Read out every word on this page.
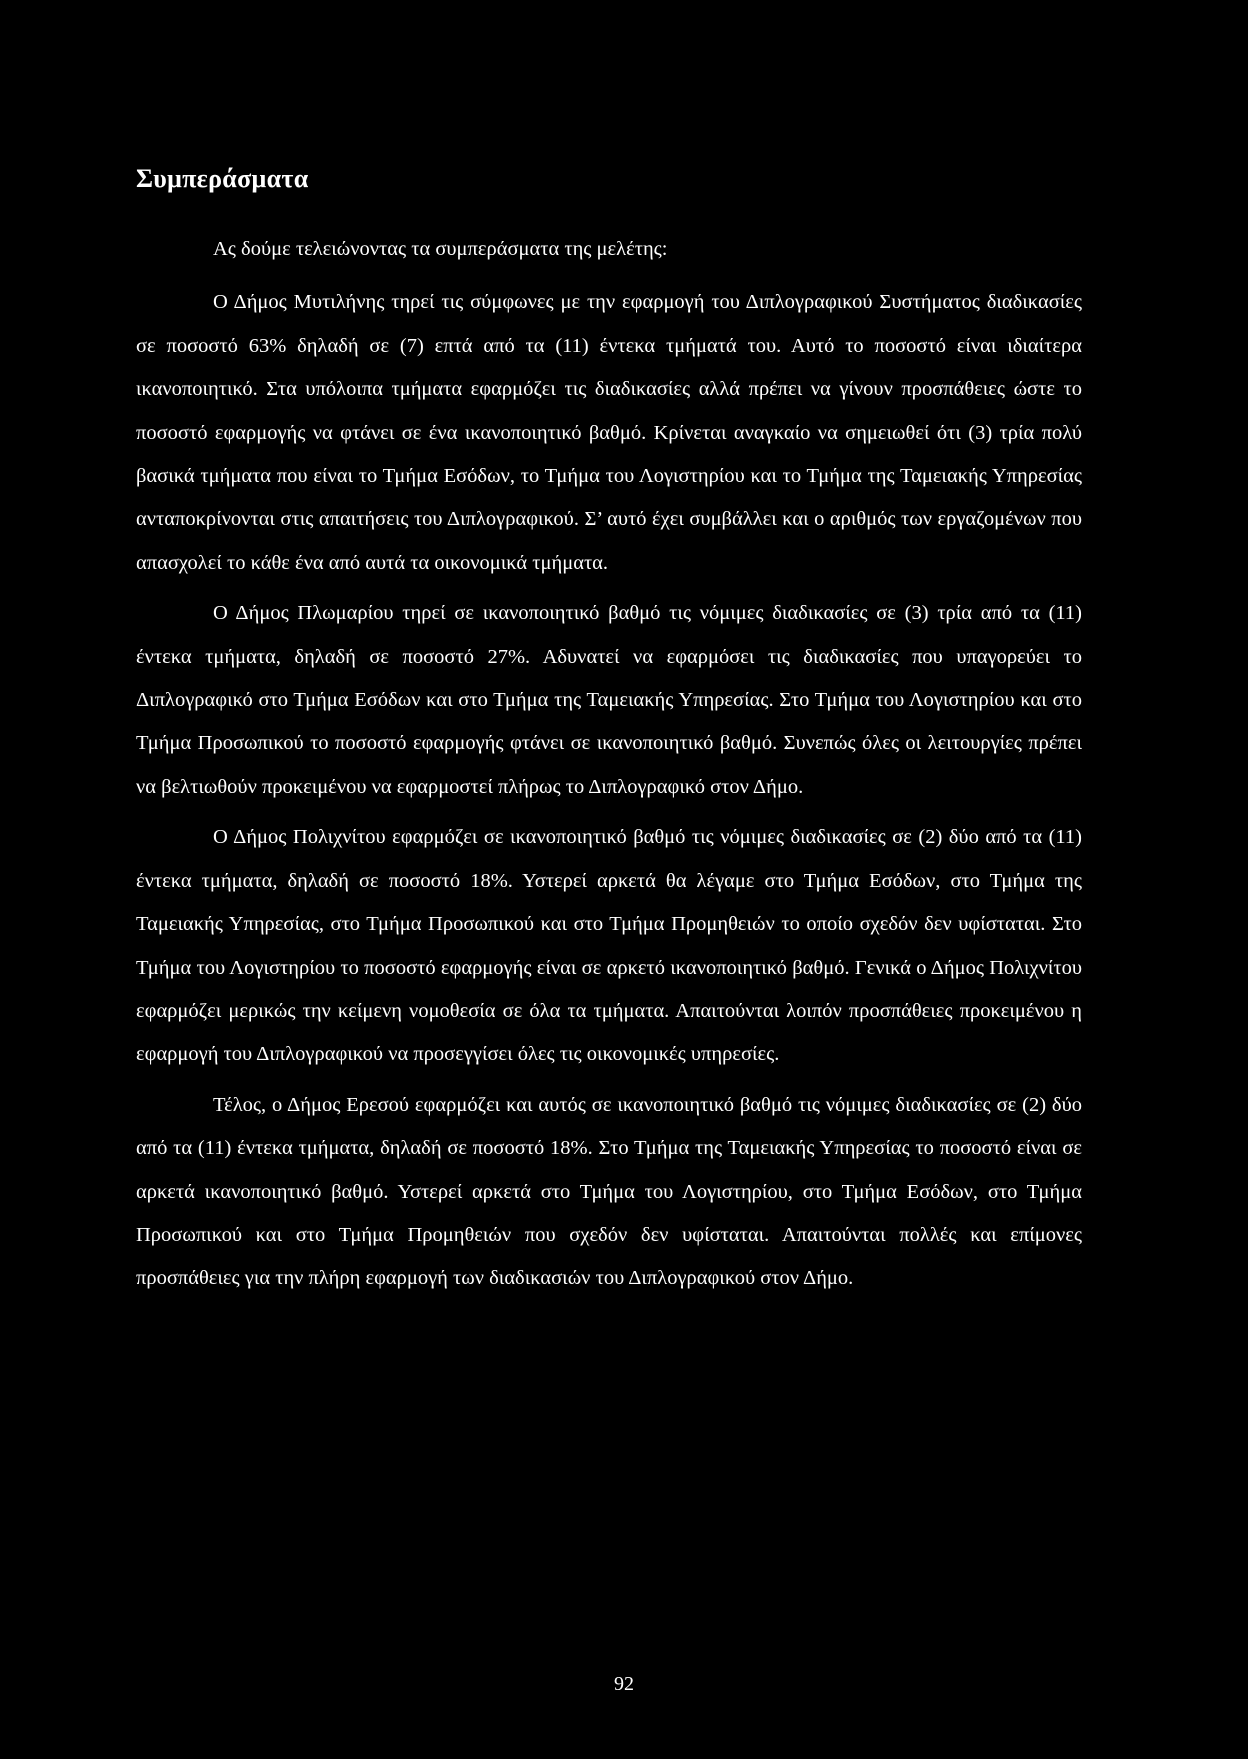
Συμπεράσματα

Ας δούμε τελειώνοντας τα συμπεράσματα της μελέτης:

Ο Δήμος Μυτιλήνης τηρεί τις σύμφωνες με την εφαρμογή του Διπλογραφικού Συστήματος διαδικασίες σε ποσοστό 63% δηλαδή σε (7) επτά από τα (11) έντεκα τμήματά του. Αυτό το ποσοστό είναι ιδιαίτερα ικανοποιητικό. Στα υπόλοιπα τμήματα εφαρμόζει τις διαδικασίες αλλά πρέπει να γίνουν προσπάθειες ώστε το ποσοστό εφαρμογής να φτάνει σε ένα ικανοποιητικό βαθμό. Κρίνεται αναγκαίο να σημειωθεί ότι (3) τρία πολύ βασικά τμήματα που είναι το Τμήμα Εσόδων, το Τμήμα του Λογιστηρίου και το Τμήμα της Ταμειακής Υπηρεσίας ανταποκρίνονται στις απαιτήσεις του Διπλογραφικού. Σ’ αυτό έχει συμβάλλει και ο αριθμός των εργαζομένων που απασχολεί το κάθε ένα από αυτά τα οικονομικά τμήματα.

Ο Δήμος Πλωμαρίου τηρεί σε ικανοποιητικό βαθμό τις νόμιμες διαδικασίες σε (3) τρία από τα (11) έντεκα τμήματα, δηλαδή σε ποσοστό 27%. Αδυνατεί να εφαρμόσει τις διαδικασίες που υπαγορεύει το Διπλογραφικό στο Τμήμα Εσόδων και στο Τμήμα της Ταμειακής Υπηρεσίας. Στο Τμήμα του Λογιστηρίου και στο Τμήμα Προσωπικού το ποσοστό εφαρμογής φτάνει σε ικανοποιητικό βαθμό. Συνεπώς όλες οι λειτουργίες πρέπει να βελτιωθούν προκειμένου να εφαρμοστεί πλήρως το Διπλογραφικό στον Δήμο.

Ο Δήμος Πολιχνίτου εφαρμόζει σε ικανοποιητικό βαθμό τις νόμιμες διαδικασίες σε (2) δύο από τα (11) έντεκα τμήματα, δηλαδή σε ποσοστό 18%. Υστερεί αρκετά θα λέγαμε στο Τμήμα Εσόδων, στο Τμήμα της Ταμειακής Υπηρεσίας, στο Τμήμα Προσωπικού και στο Τμήμα Προμηθειών το οποίο σχεδόν δεν υφίσταται. Στο Τμήμα του Λογιστηρίου το ποσοστό εφαρμογής είναι σε αρκετό ικανοποιητικό βαθμό. Γενικά ο Δήμος Πολιχνίτου εφαρμόζει μερικώς την κείμενη νομοθεσία σε όλα τα τμήματα. Απαιτούνται λοιπόν προσπάθειες προκειμένου η εφαρμογή του Διπλογραφικού να προσεγγίσει όλες τις οικονομικές υπηρεσίες.

Τέλος, ο Δήμος Ερεσού εφαρμόζει και αυτός σε ικανοποιητικό βαθμό τις νόμιμες διαδικασίες σε (2) δύο από τα (11) έντεκα τμήματα, δηλαδή σε ποσοστό 18%. Στο Τμήμα της Ταμειακής Υπηρεσίας το ποσοστό είναι σε αρκετά ικανοποιητικό βαθμό. Υστερεί αρκετά στο Τμήμα του Λογιστηρίου, στο Τμήμα Εσόδων, στο Τμήμα Προσωπικού και στο Τμήμα Προμηθειών που σχεδόν δεν υφίσταται. Απαιτούνται πολλές και επίμονες προσπάθειες για την πλήρη εφαρμογή των διαδικασιών του Διπλογραφικού στον Δήμο.

92
